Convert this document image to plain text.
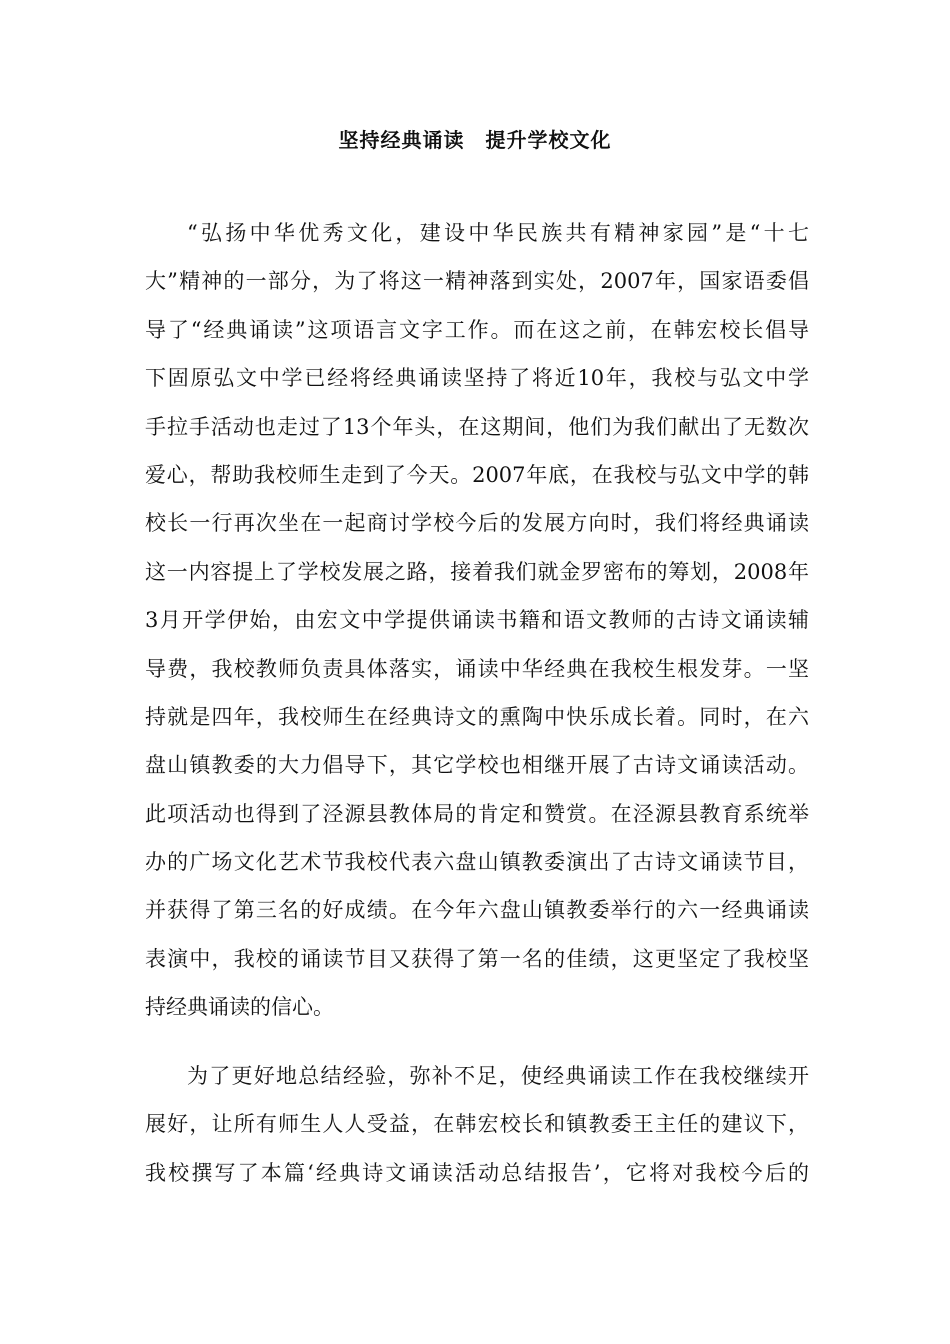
坚持经典诵读　提升学校文化
“弘扬中华优秀文化，建设中华民族共有精神家园”是“十七
大”精神的一部分，为了将这一精神落到实处，2007年，国家语委倡
导了“经典诵读”这项语言文字工作。而在这之前，在韩宏校长倡导
下固原弘文中学已经将经典诵读坚持了将近10年，我校与弘文中学
手拉手活动也走过了13个年头，在这期间，他们为我们献出了无数次
爱心，帮助我校师生走到了今天。2007年底，在我校与弘文中学的韩
校长一行再次坐在一起商讨学校今后的发展方向时，我们将经典诵读
这一内容提上了学校发展之路，接着我们就金罗密布的筹划，2008年
3月开学伊始，由宏文中学提供诵读书籍和语文教师的古诗文诵读辅
导费，我校教师负责具体落实，诵读中华经典在我校生根发芽。一坚
持就是四年，我校师生在经典诗文的熏陶中快乐成长着。同时，在六
盘山镇教委的大力倡导下，其它学校也相继开展了古诗文诵读活动。
此项活动也得到了泾源县教体局的肯定和赞赏。在泾源县教育系统举
办的广场文化艺术节我校代表六盘山镇教委演出了古诗文诵读节目，
并获得了第三名的好成绩。在今年六盘山镇教委举行的六一经典诵读
表演中，我校的诵读节目又获得了第一名的佳绩，这更坚定了我校坚
持经典诵读的信心。
为了更好地总结经验，弥补不足，使经典诵读工作在我校继续开
展好，让所有师生人人受益，在韩宏校长和镇教委王主任的建议下，
我校撰写了本篇‘经典诗文诵读活动总结报告’，它将对我校今后的
